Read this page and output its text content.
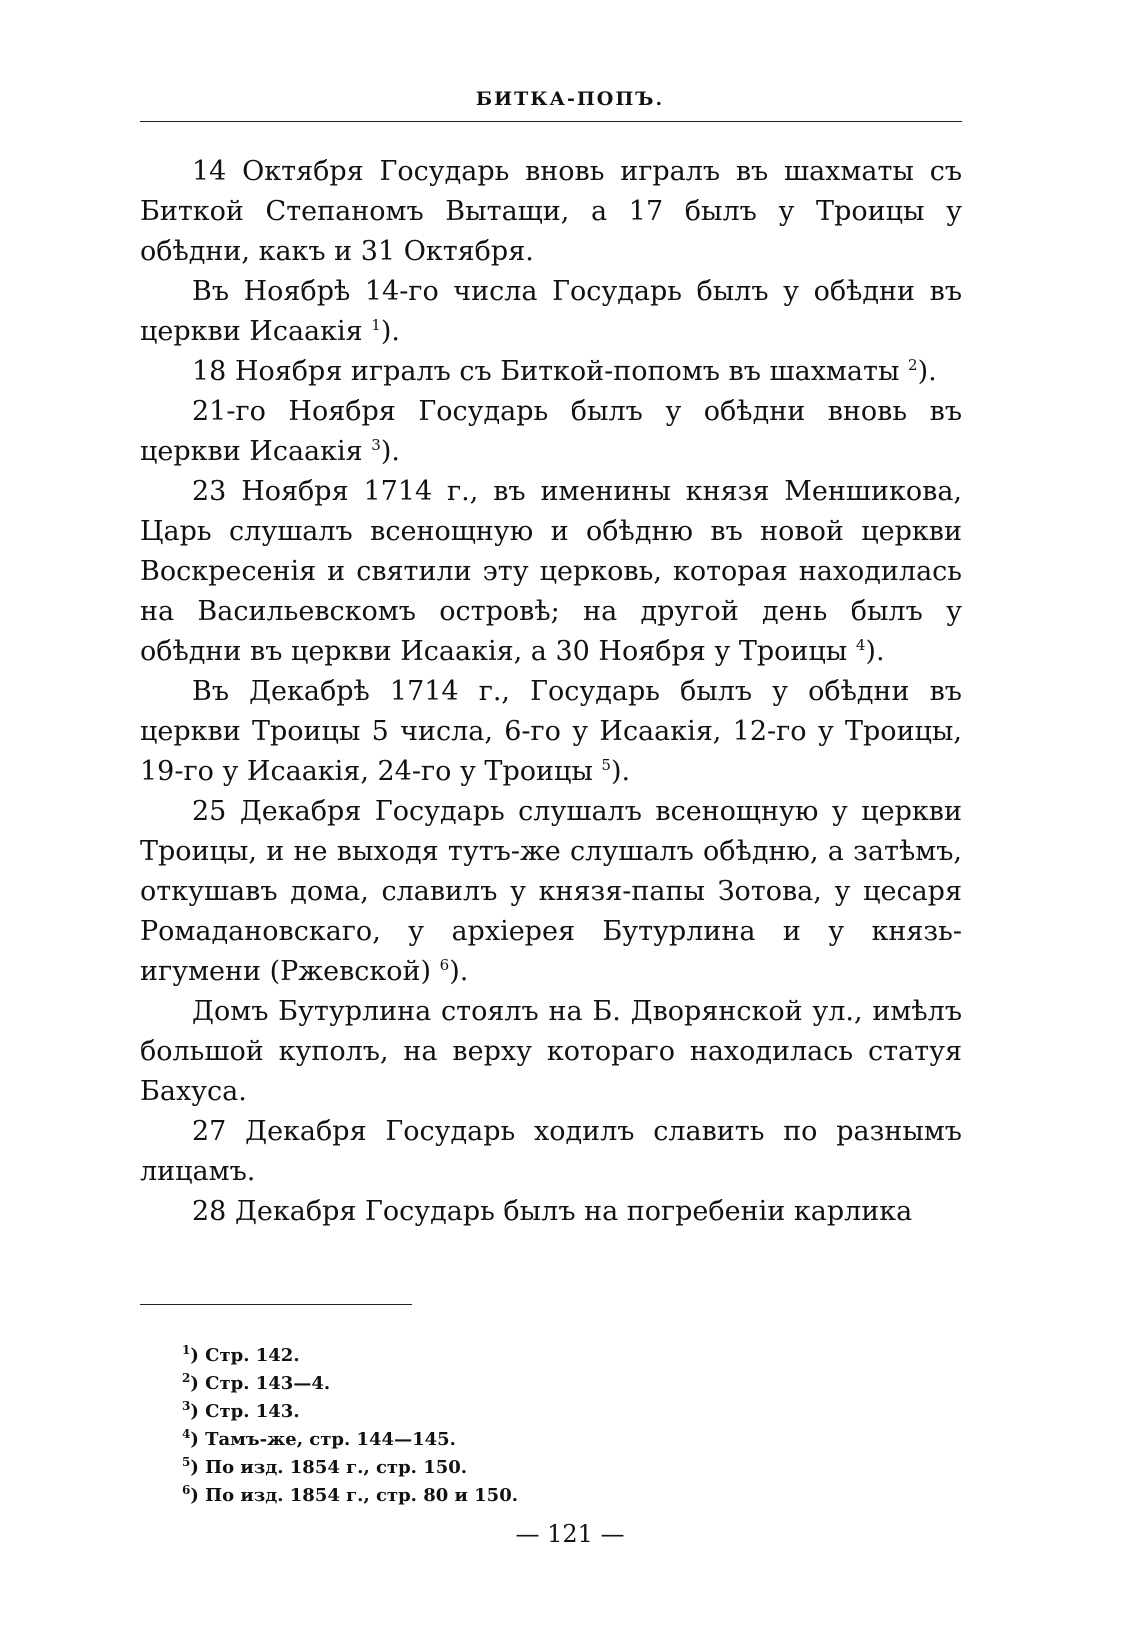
БИТКА-ПОПЪ.

14 Октября Государь вновь игралъ въ шахматы съ Биткой Степаномъ Вытащи, а 17 былъ у Троицы у обѣдни, какъ и 31 Октября.

Въ Ноябрѣ 14-го числа Государь былъ у обѣдни въ церкви Исаакія $^1$).

18 Ноября игралъ съ Биткой-попомъ въ шахматы $^2$).

21-го Ноября Государь былъ у обѣдни вновь въ церкви Исаакія $^3$).

23 Ноября 1714 г., въ именины князя Меншикова, Царь слушалъ всенощную и обѣдню въ новой церкви Воскресенія и святили эту церковь, которая находилась на Васильевскомъ островѣ; на другой день былъ у обѣдни въ церкви Исаакія, а 30 Ноября у Троицы $^4$).

Въ Декабрѣ 1714 г., Государь былъ у обѣдни въ церкви Троицы 5 числа, 6-го у Исаакія, 12-го у Троицы, 19-го у Исаакія, 24-го у Троицы $^5$).

25 Декабря Государь слушалъ всенощную у церкви Троицы, и не выходя тутъ-же слушалъ обѣдню, а затѣмъ, откушавъ дома, славилъ у князя-папы Зотова, у цесаря Ромадановскаго, у архіерея Бутурлина и у князь-игумени (Ржевской) $^6$).

Домъ Бутурлина стоялъ на Б. Дворянской ул., имѣлъ большой куполъ, на верху котораго находилась статуя Бахуса.

27 Декабря Государь ходилъ славить по разнымъ лицамъ.

28 Декабря Государь былъ на погребеніи карлика

$^1$) Стр. 142.
$^2$) Стр. 143—4.
$^3$) Стр. 143.
$^4$) Тамъ-же, стр. 144—145.
$^5$) По изд. 1854 г., стр. 150.
$^6$) По изд. 1854 г., стр. 80 и 150.
— 121 —
